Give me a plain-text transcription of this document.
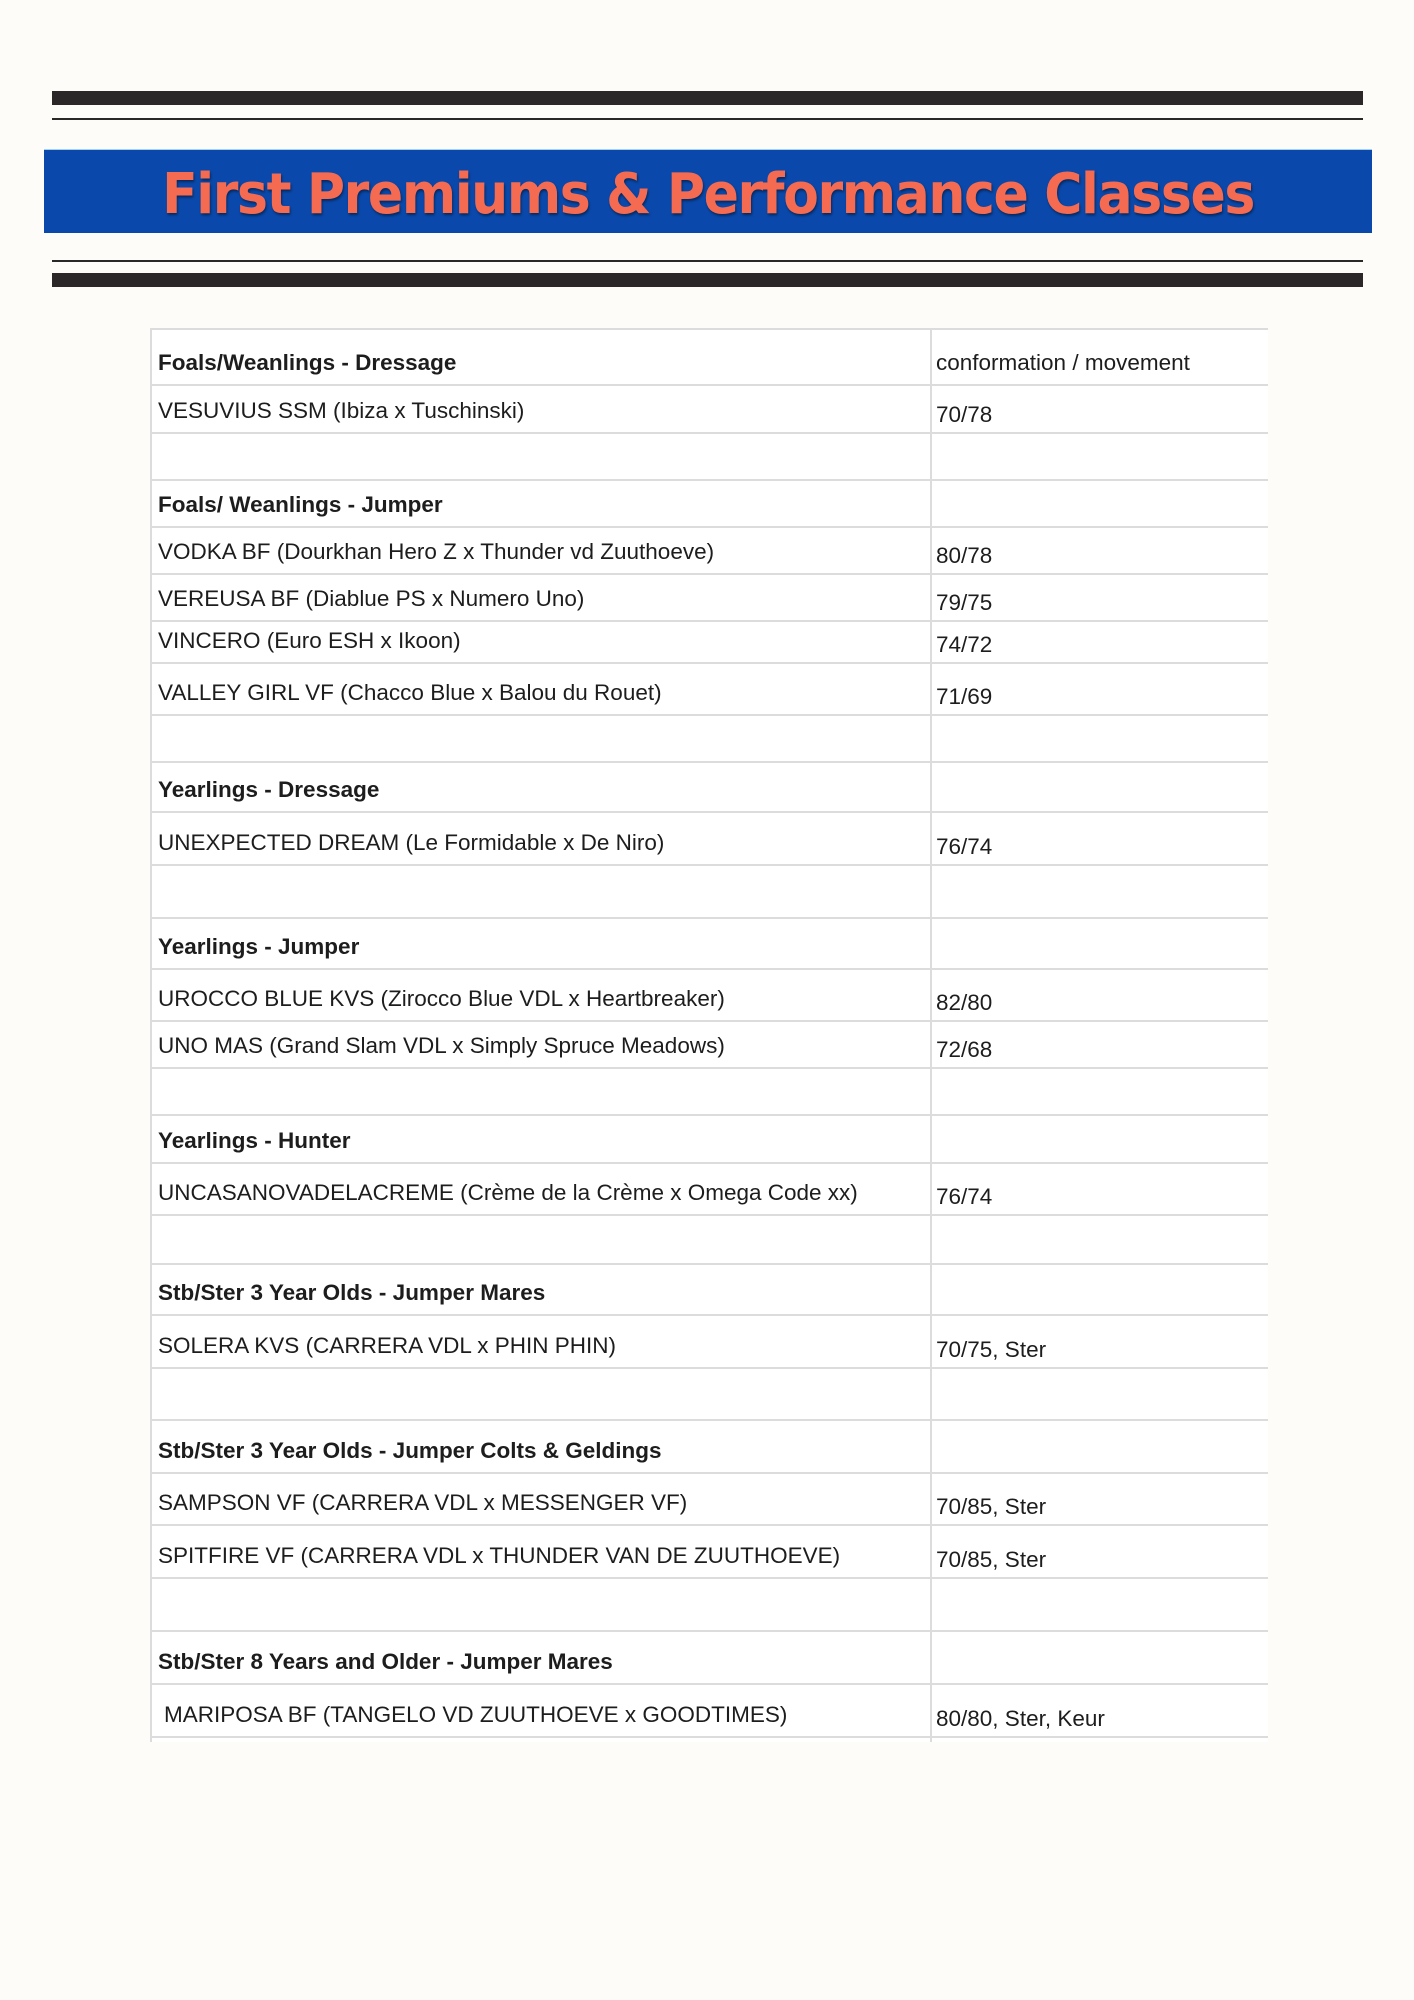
First Premiums & Performance Classes
Foals/Weanlings - Dressage	conformation / movement
VESUVIUS SSM (Ibiza x Tuschinski)	70/78

Foals/ Weanlings - Jumper	
VODKA BF (Dourkhan Hero Z x Thunder vd Zuuthoeve)	80/78
VEREUSA BF (Diablue PS x Numero Uno)	79/75
VINCERO (Euro ESH x Ikoon)	74/72
VALLEY GIRL VF (Chacco Blue x Balou du Rouet)	71/69

Yearlings - Dressage	
UNEXPECTED DREAM (Le Formidable x De Niro)	76/74

Yearlings - Jumper	
UROCCO BLUE KVS (Zirocco Blue VDL x Heartbreaker)	82/80
UNO MAS (Grand Slam VDL x Simply Spruce Meadows)	72/68

Yearlings - Hunter	
UNCASANOVADELACREME (Crème de la Crème x Omega Code xx)	76/74

Stb/Ster 3 Year Olds - Jumper Mares	
SOLERA KVS (CARRERA VDL x PHIN PHIN)	70/75, Ster

Stb/Ster 3 Year Olds - Jumper Colts & Geldings	
SAMPSON VF (CARRERA VDL x MESSENGER VF)	70/85, Ster
SPITFIRE VF (CARRERA VDL x THUNDER VAN DE ZUUTHOEVE)	70/85, Ster

Stb/Ster 8 Years and Older - Jumper Mares	
MARIPOSA BF (TANGELO VD ZUUTHOEVE x GOODTIMES)	80/80, Ster, Keur
